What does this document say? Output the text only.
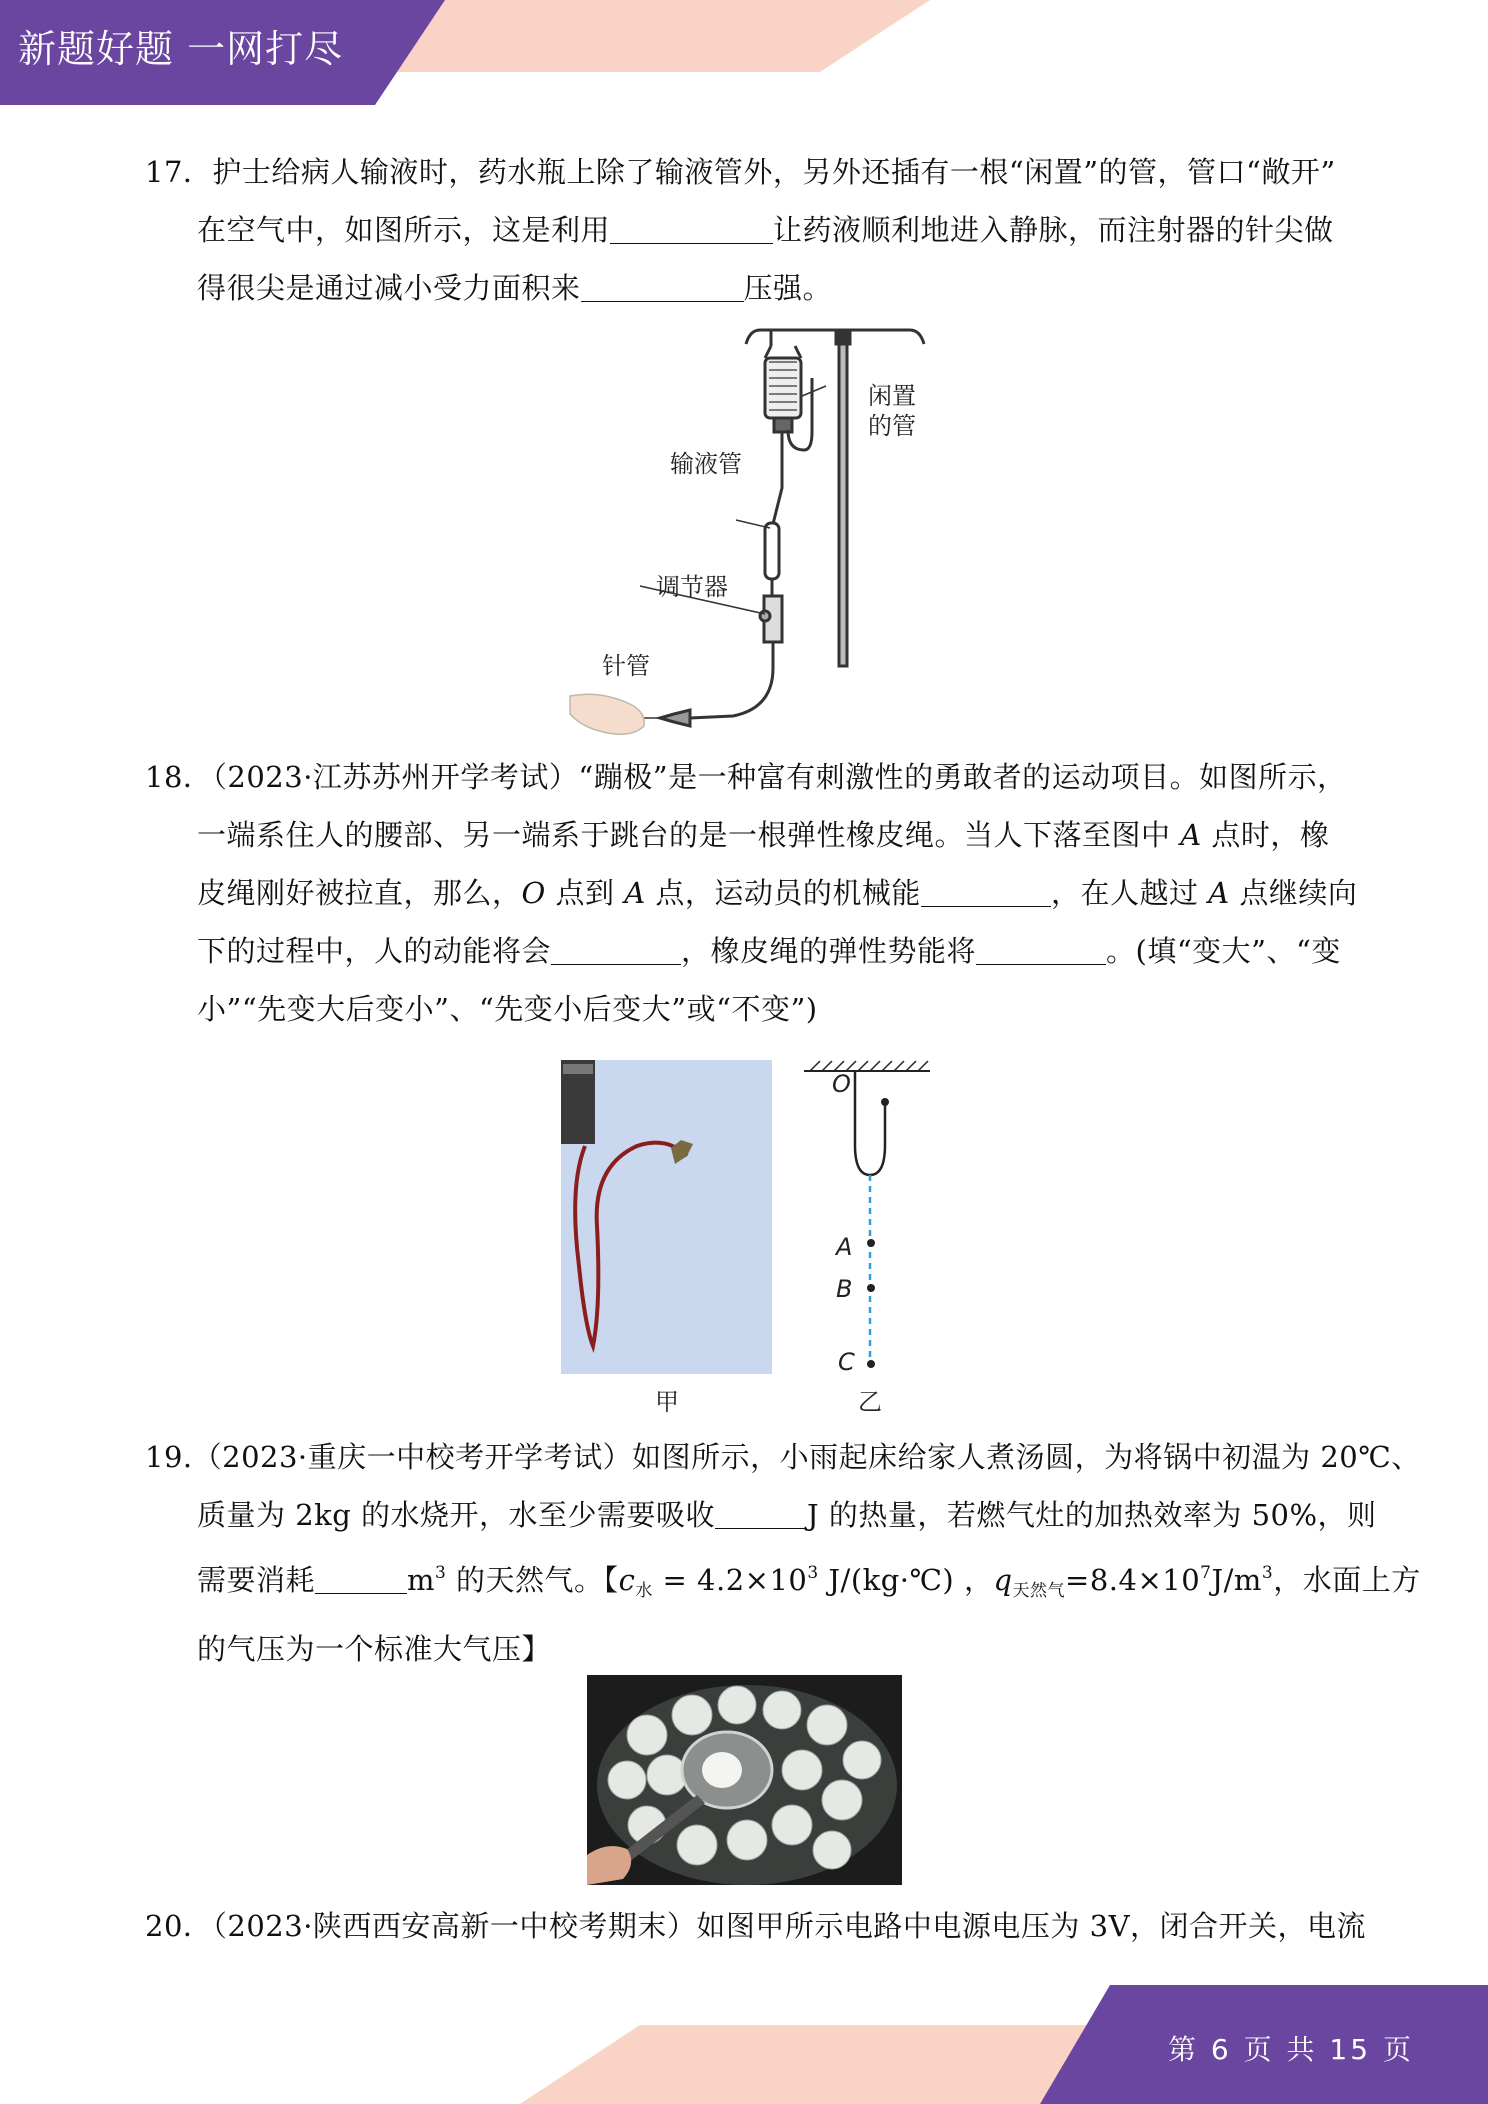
新题好题 一网打尽
第 6 页 共 15 页
17．护士给病人输液时，药水瓶上除了输液管外，另外还插有一根“闲置”的管，管口“敞开”
在空气中，如图所示，这是利用	让药液顺利地进入静脉，而注射器的针尖做
得很尖是通过减小受力面积来	压强。
闲置
的管
输液管
调节器
针管
18．（2023·江苏苏州开学考试）“蹦极”是一种富有刺激性的勇敢者的运动项目。如图所示，
一端系住人的腰部、另一端系于跳台的是一根弹性橡皮绳。当人下落至图中 A 点时，橡
皮绳刚好被拉直，那么，O 点到 A 点，运动员的机械能	，在人越过 A 点继续向
下的过程中，人的动能将会	，橡皮绳的弹性势能将	。(填“变大”、“变
小”“先变大后变小”、“先变小后变大”或“不变”)
甲
O
A
B
C
乙
19.（2023·重庆一中校考开学考试）如图所示，小雨起床给家人煮汤圆，为将锅中初温为 20℃、
质量为 2kg 的水烧开，水至少需要吸收	J 的热量，若燃气灶的加热效率为 50%，则
需要消耗	$m^3$ 的天然气。【$c_水 = 4.2\times 10^3$ J/(kg·℃) ，$q_{天然气}=8.4\times 10^7J/m^3$，水面上方
的气压为一个标准大气压】
20．（2023·陕西西安高新一中校考期末）如图甲所示电路中电源电压为 3V，闭合开关，电流
